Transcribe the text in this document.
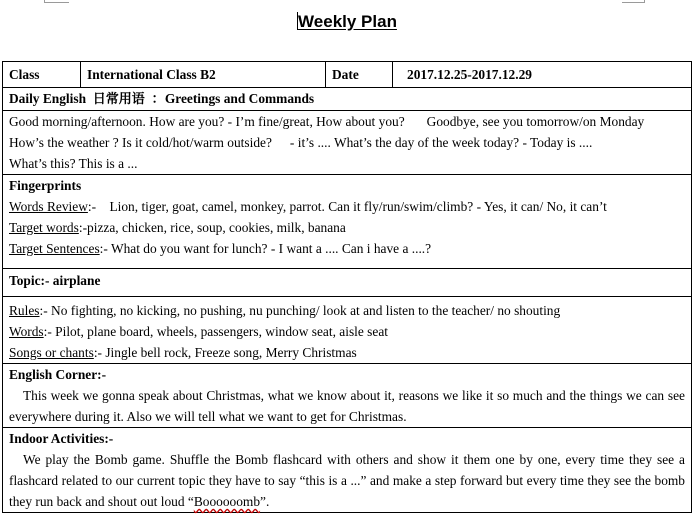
Weekly Plan
Class	International Class B2	Date	2017.12.25-2017.12.29
Daily English 日常用语 ：Greetings and Commands

Good morning/afternoon. How are you? - I’m fine/great, How about you? Goodbye, see you tomorrow/on Monday
How’s the weather ? Is it cold/hot/warm outside? - it’s .... What’s the day of the week today? - Today is ....
What’s this? This is a ...

Fingerprints
Words Review:-    Lion, tiger, goat, camel, monkey, parrot. Can it fly/run/swim/climb? - Yes, it can/ No, it can’t
Target words:-pizza, chicken, rice, soup, cookies, milk, banana
Target Sentences:- What do you want for lunch? - I want a .... Can i have a ....?

Topic:- airplane

Rules:- No fighting, no kicking, no pushing, nu punching/ look at and listen to the teacher/ no shouting
Words:- Pilot, plane board, wheels, passengers, window seat, aisle seat
Songs or chants:- Jingle bell rock, Freeze song, Merry Christmas

English Corner:-
This week we gonna speak about Christmas, what we know about it, reasons we like it so much and the things we can see everywhere during it. Also we will tell what we want to get for Christmas.

Indoor Activities:-
We play the Bomb game. Shuffle the Bomb flashcard with others and show it them one by one, every time they see a flashcard related to our current topic they have to say “this is a ...” and make a step forward but every time they see the bomb they run back and shout out loud “Boooooomb”.
